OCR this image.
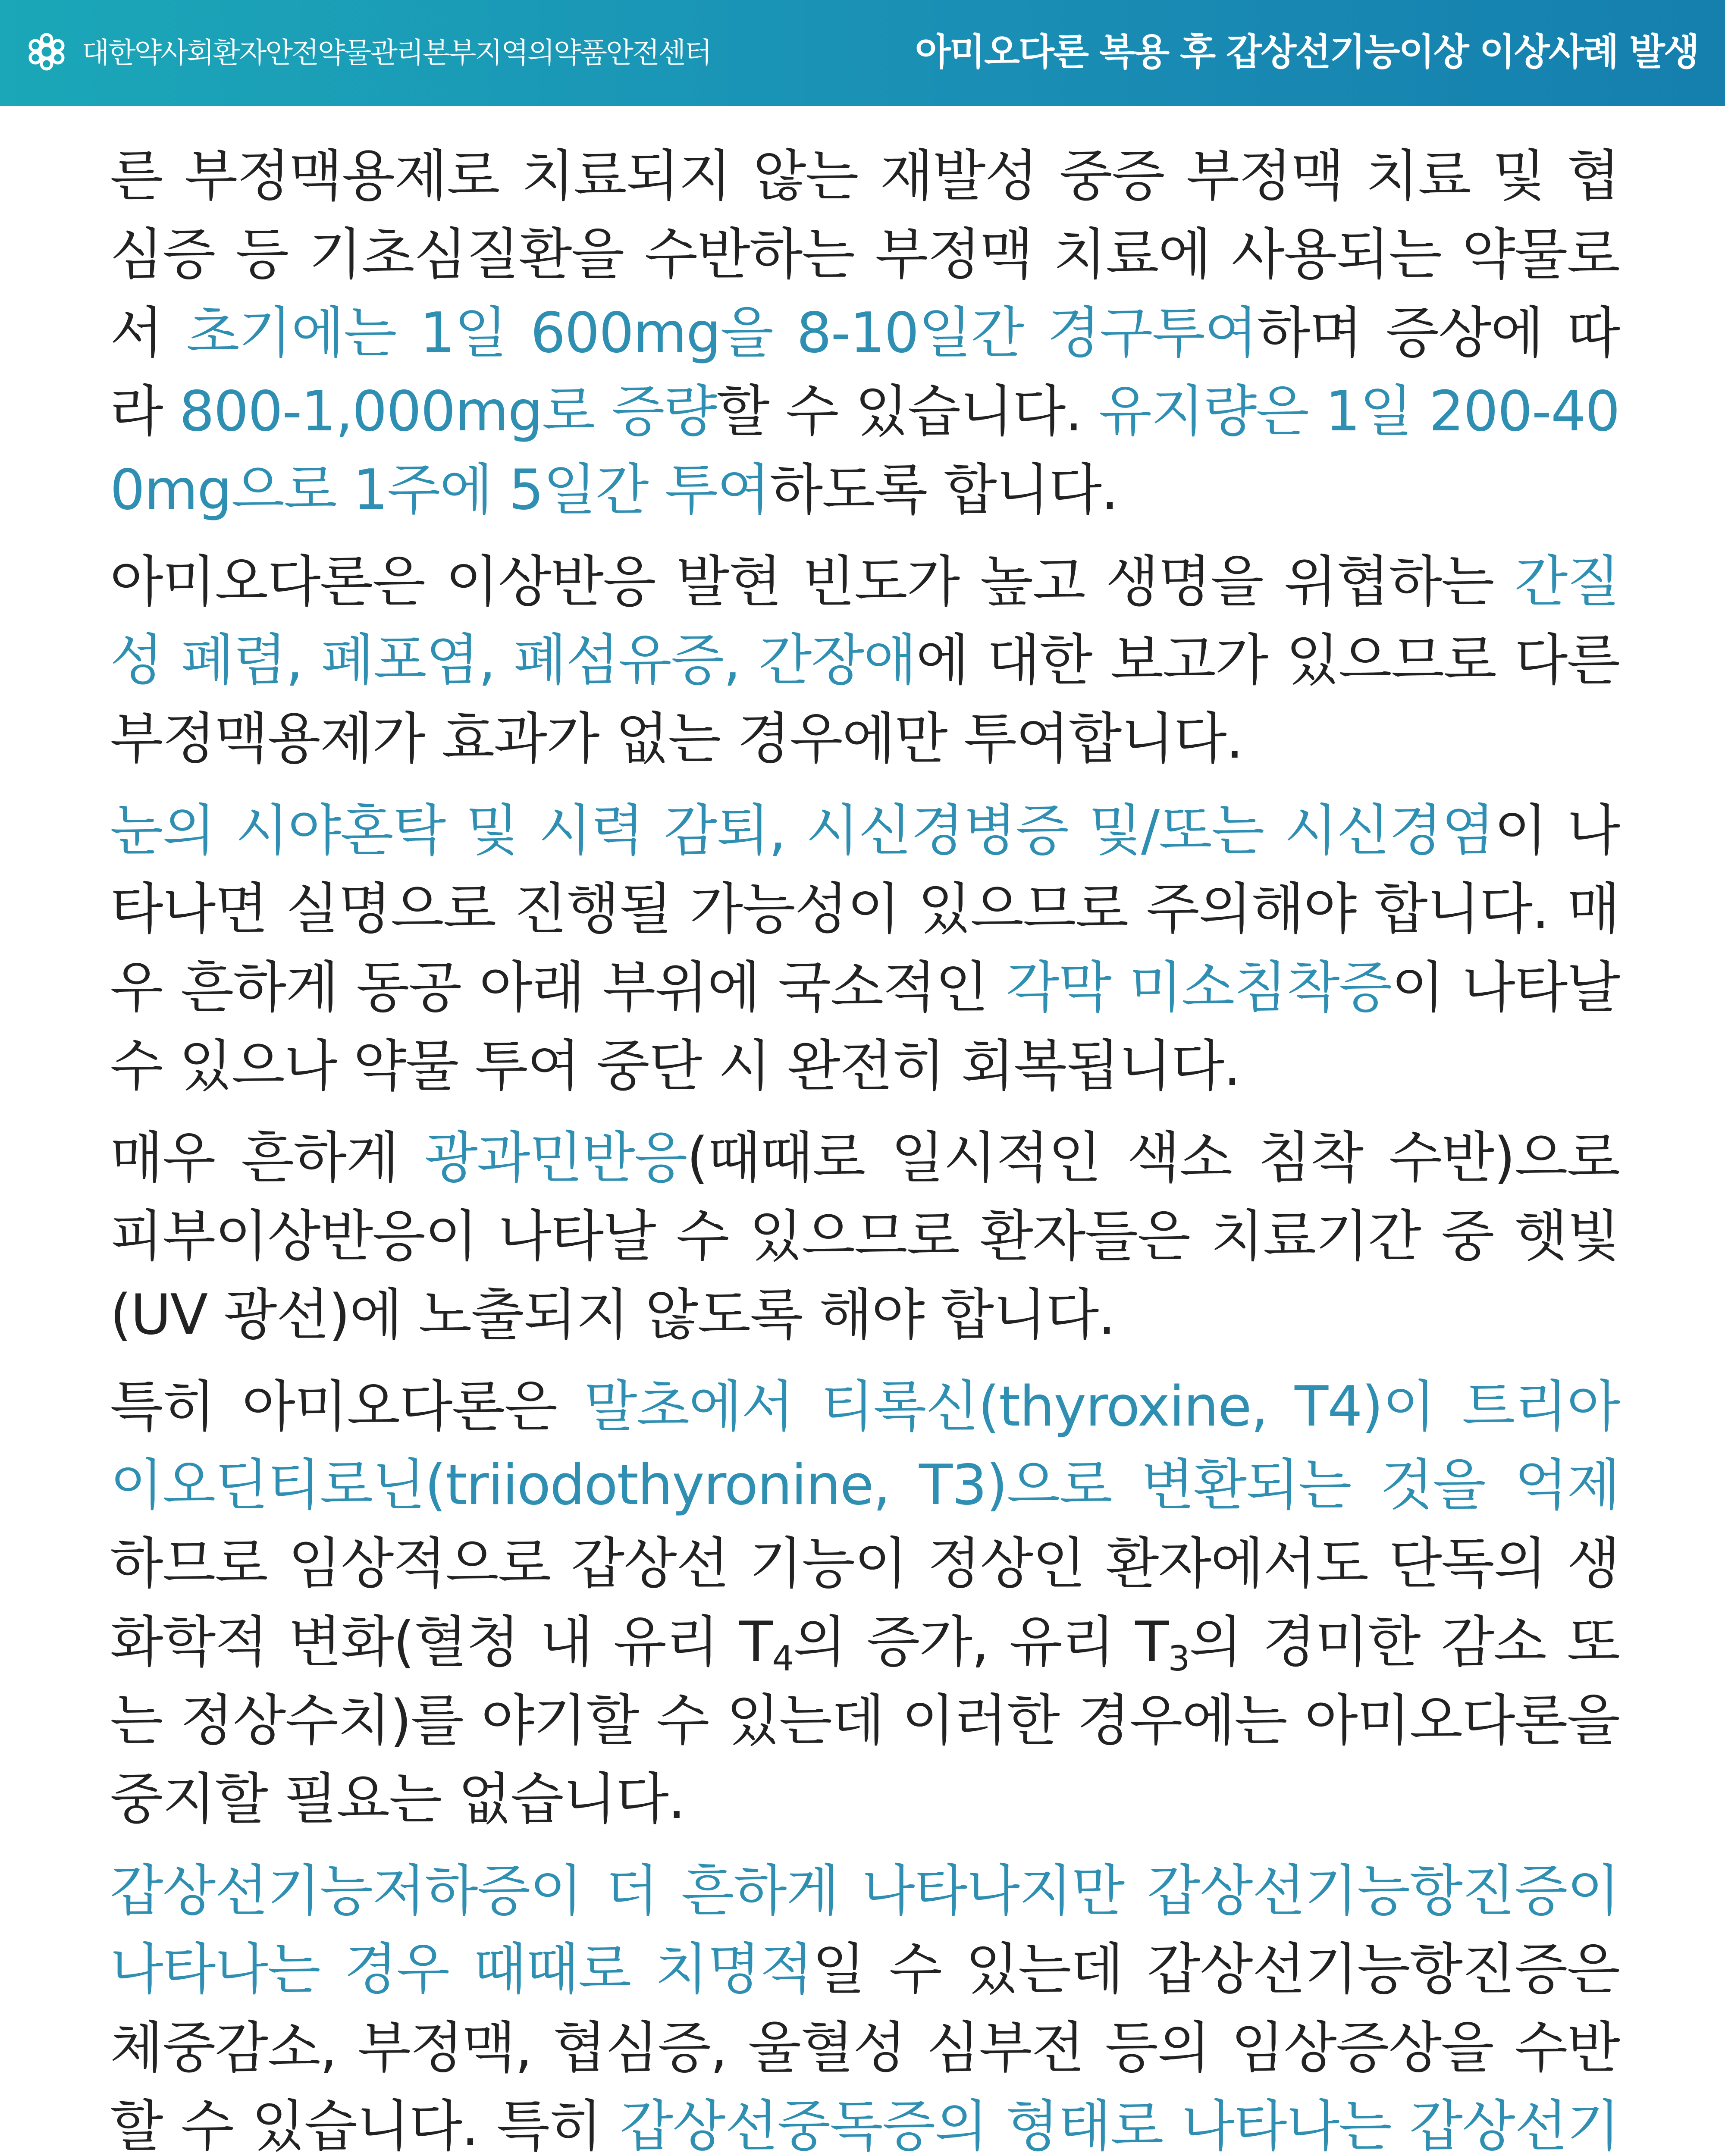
대한약사회환자안전약물관리본부지역의약품안전센터	아미오다론 복용 후 갑상선기능이상 이상사례 발생

른 부정맥용제로 치료되지 않는 재발성 중증 부정맥 치료 및 협심증 등 기초심질환을 수반하는 부정맥 치료에 사용되는 약물로서 초기에는 1일 600mg을 8-10일간 경구투여하며 증상에 따라 800-1,000mg로 증량할 수 있습니다. 유지량은 1일 200-400mg으로 1주에 5일간 투여하도록 합니다.

아미오다론은 이상반응 발현 빈도가 높고 생명을 위협하는 간질성 폐렴, 폐포염, 폐섬유증, 간장애에 대한 보고가 있으므로 다른 부정맥용제가 효과가 없는 경우에만 투여합니다.

눈의 시야혼탁 및 시력 감퇴, 시신경병증 및/또는 시신경염이 나타나면 실명으로 진행될 가능성이 있으므로 주의해야 합니다. 매우 흔하게 동공 아래 부위에 국소적인 각막 미소침착증이 나타날 수 있으나 약물 투여 중단 시 완전히 회복됩니다.

매우 흔하게 광과민반응(때때로 일시적인 색소 침착 수반)으로 피부이상반응이 나타날 수 있으므로 환자들은 치료기간 중 햇빛(UV 광선)에 노출되지 않도록 해야 합니다.

특히 아미오다론은 말초에서 티록신(thyroxine, T4)이 트리아이오딘티로닌(triiodothyronine, T3)으로 변환되는 것을 억제하므로 임상적으로 갑상선 기능이 정상인 환자에서도 단독의 생화학적 변화(혈청 내 유리 $T_4$의 증가, 유리 $T_3$의 경미한 감소 또는 정상수치)를 야기할 수 있는데 이러한 경우에는 아미오다론을 중지할 필요는 없습니다.

갑상선기능저하증이 더 흔하게 나타나지만 갑상선기능항진증이 나타나는 경우 때때로 치명적일 수 있는데 갑상선기능항진증은 체중감소, 부정맥, 협심증, 울혈성 심부전 등의 임상증상을 수반할 수 있습니다. 특히 갑상선중독증의 형태로 나타나는 갑상선기
